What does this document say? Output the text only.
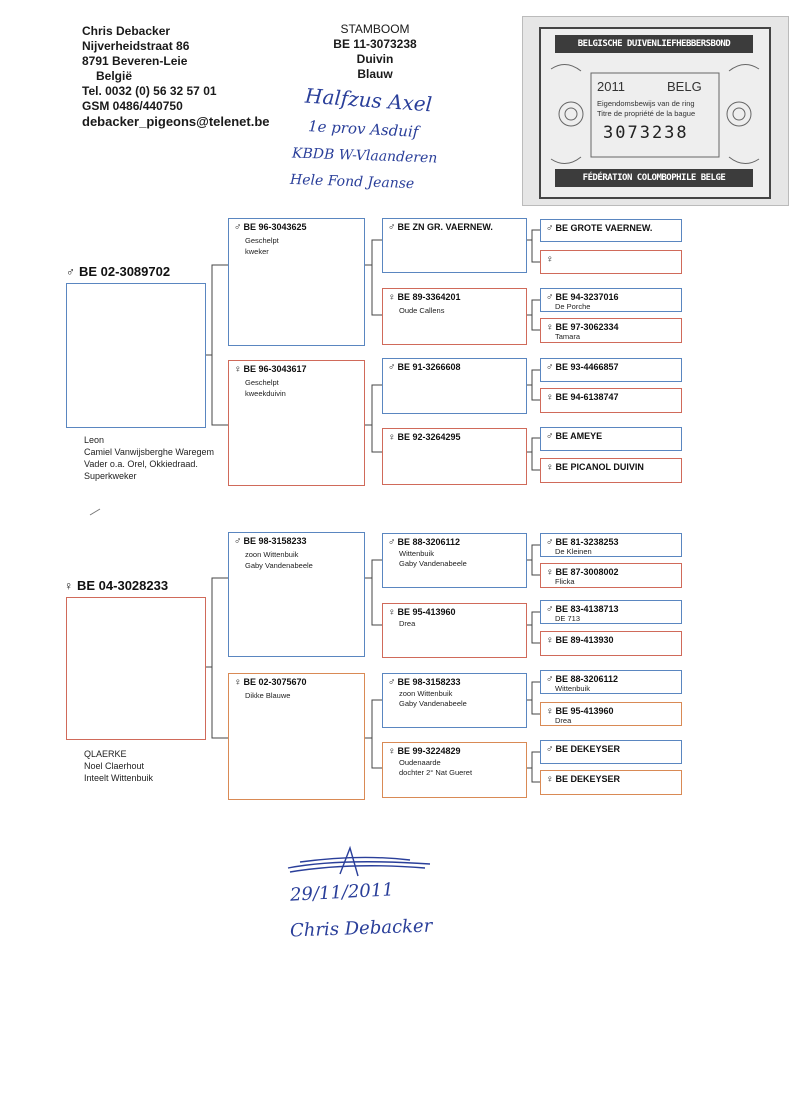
Chris Debacker
Nijverheidstraat 86
8791 Beveren-Leie
België
Tel. 0032 (0) 56 32 57 01
GSM 0486/440750
debacker_pigeons@telenet.be
STAMBOOM
BE 11-3073238
Duivin
Blauw
Halfzus Axel
1e prov Asduif
KBDB W-Vlaanderen
Hele Fond Jeanse
BELGISCHE DUIVENLIEFHEBBERSBOND
2011	BELG
Eigendomsbewijs van de ring
Titre de propriété de la bague
3073238
FÉDÉRATION COLOMBOPHILE BELGE
♂ BE 02-3089702
Leon
Camiel Vanwijsberghe Waregem
Vader o.a. Orel, Okkiedraad.
Superkweker
♀ BE 04-3028233
QLAERKE
Noel Claerhout
Inteelt Wittenbuik
♂ BE 96-3043625
Geschelpt
kweker
♀ BE 96-3043617
Geschelpt
kweekduivin
♂ BE 98-3158233
zoon Wittenbuik
Gaby Vandenabeele
♀ BE 02-3075670
Dikke Blauwe
♂ BE ZN GR. VAERNEW.
♀ BE 89-3364201
Oude Callens
♂ BE 91-3266608
♀ BE 92-3264295
♂ BE 88-3206112
Wittenbuik
Gaby Vandenabeele
♀ BE 95-413960
Drea
♂ BE 98-3158233
zoon Wittenbuik
Gaby Vandenabeele
♀ BE 99-3224829
Oudenaarde
dochter 2° Nat Gueret
♂ BE GROTE VAERNEW.
♀
♂ BE 94-3237016
De Porche
♀ BE 97-3062334
Tamara
♂ BE 93-4466857
♀ BE 94-6138747
♂ BE AMEYE
♀ BE PICANOL DUIVIN
♂ BE 81-3238253
De Kleinen
♀ BE 87-3008002
Flicka
♂ BE 83-4138713
DE 713
♀ BE 89-413930
♂ BE 88-3206112
Wittenbuik
♀ BE 95-413960
Drea
♂ BE DEKEYSER
♀ BE DEKEYSER
29/11/2011
Chris Debacker
